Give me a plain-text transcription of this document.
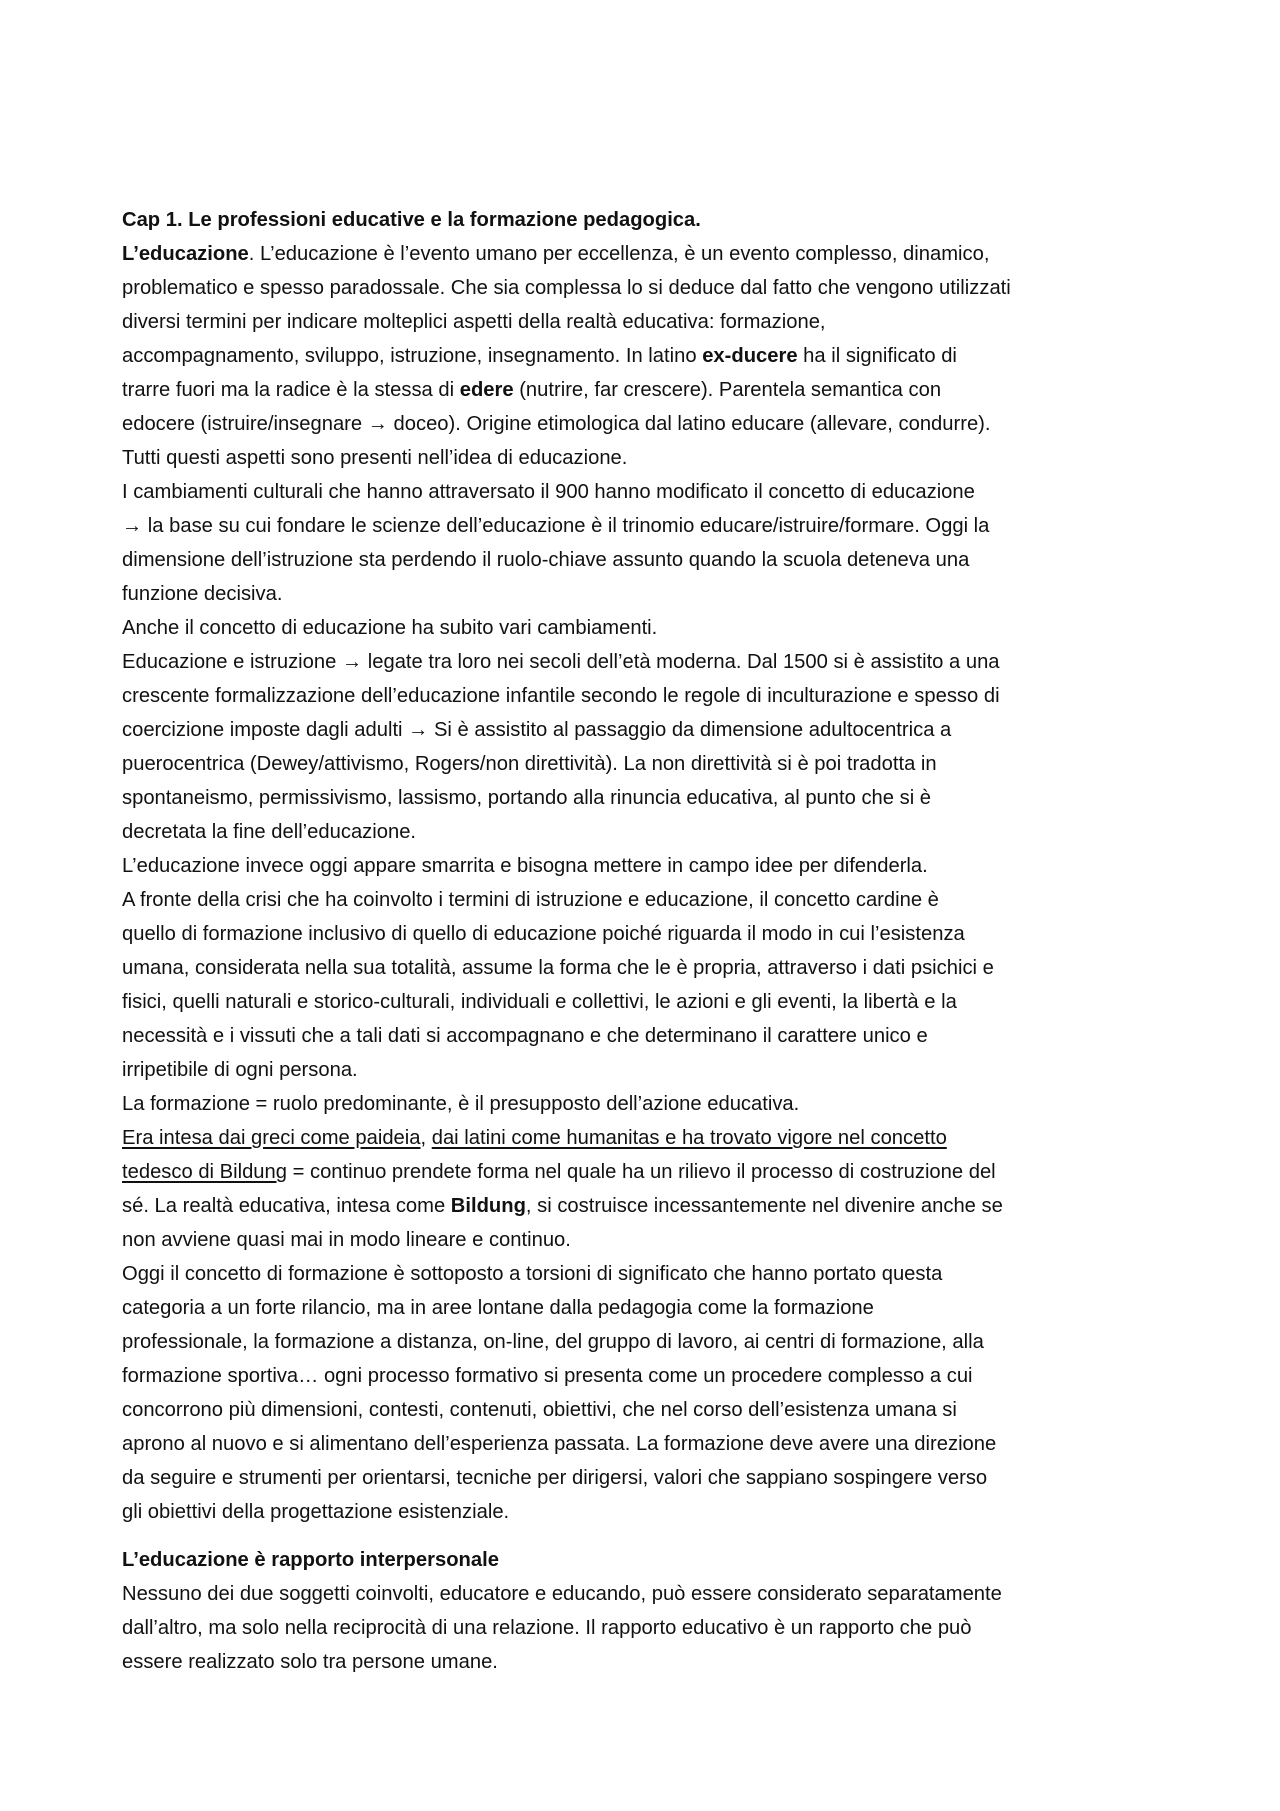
Cap 1. Le professioni educative e la formazione pedagogica.

L’educazione. L’educazione è l’evento umano per eccellenza, è un evento complesso, dinamico,

problematico e spesso paradossale. Che sia complessa lo si deduce dal fatto che vengono utilizzati

diversi termini per indicare molteplici aspetti della realtà educativa: formazione,

accompagnamento, sviluppo, istruzione, insegnamento. In latino ex-ducere ha il significato di

trarre fuori ma la radice è la stessa di edere (nutrire, far crescere). Parentela semantica con

edocere (istruire/insegnare → doceo). Origine etimologica dal latino educare (allevare, condurre).

Tutti questi aspetti sono presenti nell’idea di educazione.

I cambiamenti culturali che hanno attraversato il 900 hanno modificato il concetto di educazione

→ la base su cui fondare le scienze dell’educazione è il trinomio educare/istruire/formare. Oggi la

dimensione dell’istruzione sta perdendo il ruolo-chiave assunto quando la scuola deteneva una

funzione decisiva.

Anche il concetto di educazione ha subito vari cambiamenti.

Educazione e istruzione → legate tra loro nei secoli dell’età moderna. Dal 1500 si è assistito a una

crescente formalizzazione dell’educazione infantile secondo le regole di inculturazione e spesso di

coercizione imposte dagli adulti → Si è assistito al passaggio da dimensione adultocentrica a

puerocentrica (Dewey/attivismo, Rogers/non direttività). La non direttività si è poi tradotta in

spontaneismo, permissivismo, lassismo, portando alla rinuncia educativa, al punto che si è

decretata la fine dell’educazione.

L’educazione invece oggi appare smarrita e bisogna mettere in campo idee per difenderla.

A fronte della crisi che ha coinvolto i termini di istruzione e educazione, il concetto cardine è

quello di formazione inclusivo di quello di educazione poiché riguarda il modo in cui l’esistenza

umana, considerata nella sua totalità, assume la forma che le è propria, attraverso i dati psichici e

fisici, quelli naturali e storico-culturali, individuali e collettivi, le azioni e gli eventi, la libertà e la

necessità e i vissuti che a tali dati si accompagnano e che determinano il carattere unico e

irripetibile di ogni persona.

La formazione = ruolo predominante, è il presupposto dell’azione educativa.

Era intesa dai greci come paideia, dai latini come humanitas e ha trovato vigore nel concetto

tedesco di Bildung = continuo prendete forma nel quale ha un rilievo il processo di costruzione del

sé. La realtà educativa, intesa come Bildung, si costruisce incessantemente nel divenire anche se

non avviene quasi mai in modo lineare e continuo.

Oggi il concetto di formazione è sottoposto a torsioni di significato che hanno portato questa

categoria a un forte rilancio, ma in aree lontane dalla pedagogia come la formazione

professionale, la formazione a distanza, on-line, del gruppo di lavoro, ai centri di formazione, alla

formazione sportiva… ogni processo formativo si presenta come un procedere complesso a cui

concorrono più dimensioni, contesti, contenuti, obiettivi, che nel corso dell’esistenza umana si

aprono al nuovo e si alimentano dell’esperienza passata. La formazione deve avere una direzione

da seguire e strumenti per orientarsi, tecniche per dirigersi, valori che sappiano sospingere verso

gli obiettivi della progettazione esistenziale.

L’educazione è rapporto interpersonale

Nessuno dei due soggetti coinvolti, educatore e educando, può essere considerato separatamente

dall’altro, ma solo nella reciprocità di una relazione. Il rapporto educativo è un rapporto che può

essere realizzato solo tra persone umane.
